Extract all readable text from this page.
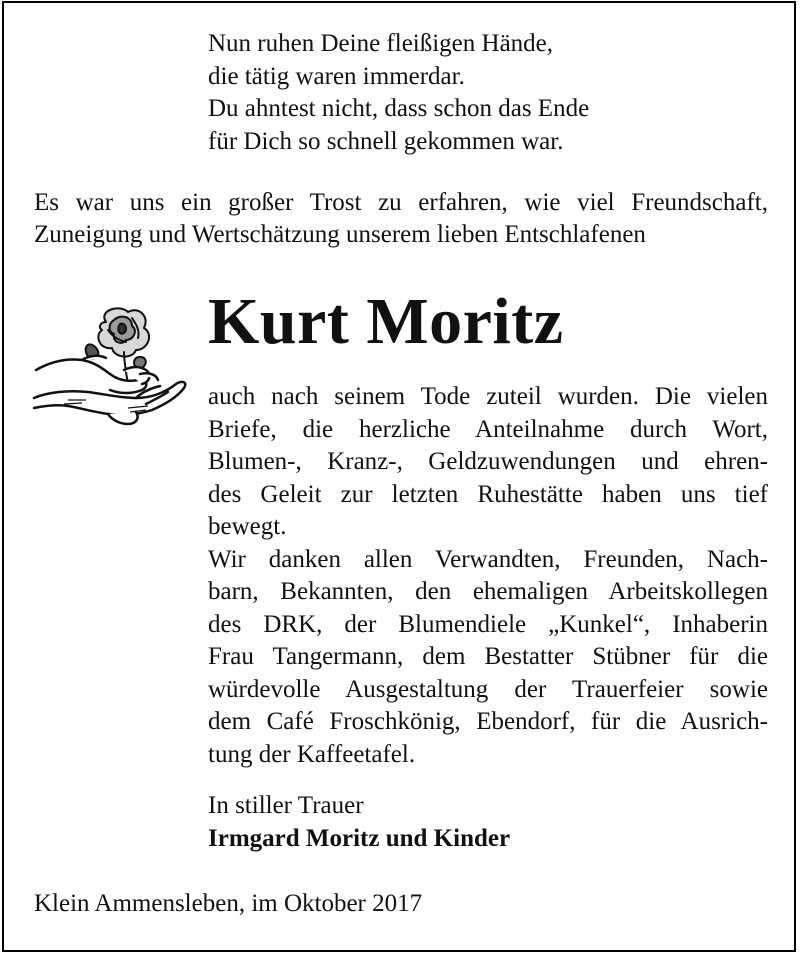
Nun ruhen Deine fleißigen Hände,
die tätig waren immerdar.
Du ahntest nicht, dass schon das Ende
für Dich so schnell gekommen war.
Es war uns ein großer Trost zu erfahren, wie viel Freundschaft,
Zuneigung und Wertschätzung unserem lieben Entschlafenen
Kurt Moritz
auch nach seinem Tode zuteil wurden. Die vielen
Briefe, die herzliche Anteilnahme durch Wort,
Blumen-, Kranz-, Geldzuwendungen und ehren-
des Geleit zur letzten Ruhestätte haben uns tief
bewegt.
Wir danken allen Verwandten, Freunden, Nach-
barn, Bekannten, den ehemaligen Arbeitskollegen
des DRK, der Blumendiele „Kunkel“, Inhaberin
Frau Tangermann, dem Bestatter Stübner für die
würdevolle Ausgestaltung der Trauerfeier sowie
dem Café Froschkönig, Ebendorf, für die Ausrich-
tung der Kaffeetafel.
In stiller Trauer
Irmgard Moritz und Kinder
Klein Ammensleben, im Oktober 2017
